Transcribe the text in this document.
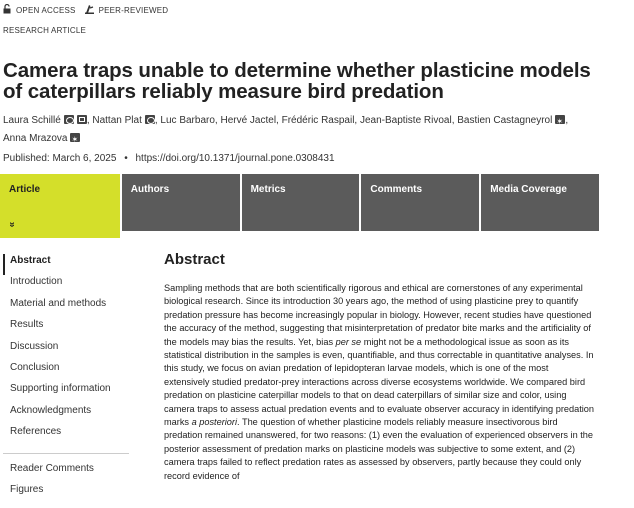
OPEN ACCESS	PEER-REVIEWED
RESEARCH ARTICLE
Camera traps unable to determine whether plasticine models of caterpillars reliably measure bird predation
Laura Schillé	, Nattan Plat , Luc Barbaro, Hervé Jactel, Frédéric Raspail, Jean-Baptiste Rivoal, Bastien Castagneyrol✶ , Anna Mrazova✶
Published: March 6, 2025 • https://doi.org/10.1371/journal.pone.0308431
Article
»
Authors	Metrics	Comments	Media Coverage
Abstract
Introduction
Material and methods
Results
Discussion
Conclusion
Supporting information
Acknowledgments
References
Reader Comments
Figures
Abstract

Sampling methods that are both scientifically rigorous and ethical are cornerstones of any experimental biological research. Since its introduction 30 years ago, the method of using plasticine prey to quantify predation pressure has become increasingly popular in biology. However, recent studies have questioned the accuracy of the method, suggesting that misinterpretation of predator bite marks and the artificiality of the models may bias the results. Yet, bias per se might not be a methodological issue as soon as its statistical distribution in the samples is even, quantifiable, and thus correctable in quantitative analyses. In this study, we focus on avian predation of lepidopteran larvae models, which is one of the most extensively studied predator-prey interactions across diverse ecosystems worldwide. We compared bird predation on plasticine caterpillar models to that on dead caterpillars of similar size and color, using camera traps to assess actual predation events and to evaluate observer accuracy in identifying predation marks a posteriori. The question of whether plasticine models reliably measure insectivorous bird predation remained unanswered, for two reasons: (1) even the evaluation of experienced observers in the posterior assessment of predation marks on plasticine models was subjective to some extent, and (2) camera traps failed to reflect predation rates as assessed by observers, partly because they could only record evidence of
